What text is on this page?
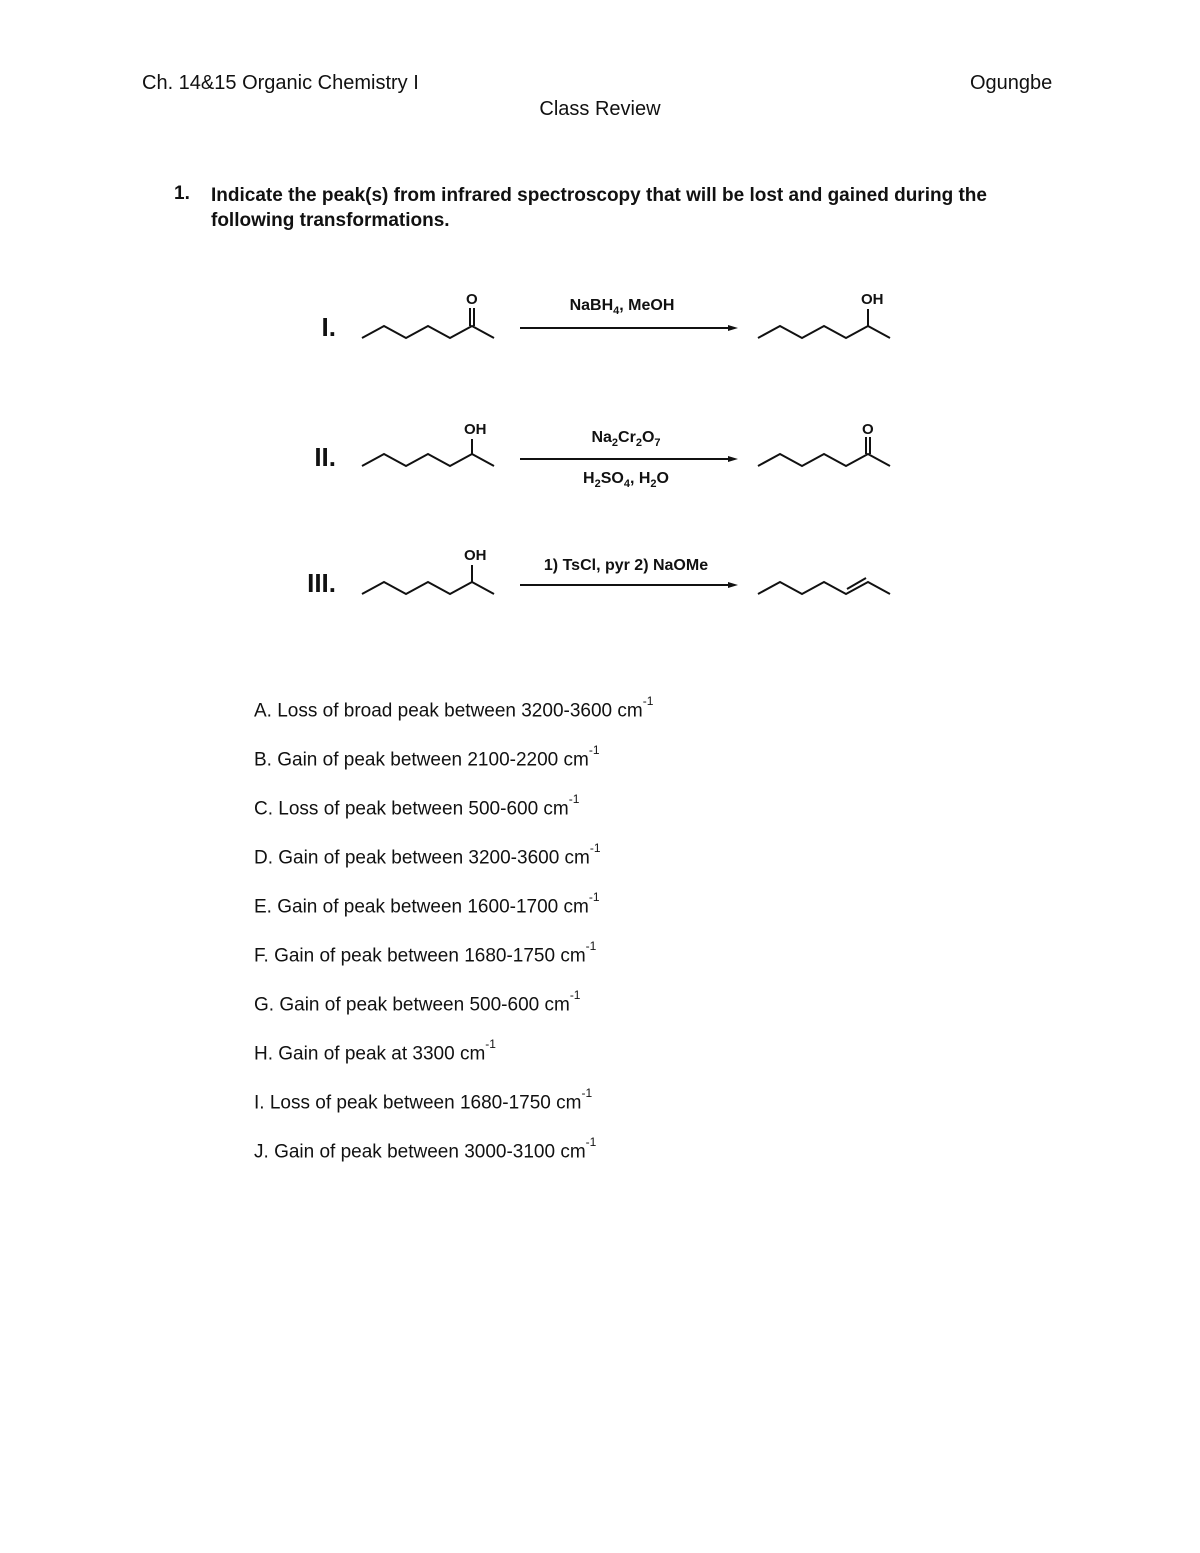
Ch. 14&15 Organic Chemistry I	Ogungbe
Class Review
1. Indicate the peak(s) from infrared spectroscopy that will be lost and gained during the following transformations.
I.
II.
III.
NaBH$_4$, MeOH
$Na_2Cr_2O_7$
$H_2SO_4$, $H_2O$
1) TsCl, pyr 2) NaOMe
O	OH
OH	O
OH
A. Loss of broad peak between 3200-3600 $cm^{-1}$
B. Gain of peak between 2100-2200 $cm^{-1}$
C. Loss of peak between 500-600 $cm^{-1}$
D. Gain of peak between 3200-3600 $cm^{-1}$
E. Gain of peak between 1600-1700 $cm^{-1}$
F. Gain of peak between 1680-1750 $cm^{-1}$
G. Gain of peak between 500-600 $cm^{-1}$
H. Gain of peak at 3300 $cm^{-1}$
I. Loss of peak between 1680-1750 $cm^{-1}$
J. Gain of peak between 3000-3100 $cm^{-1}$
